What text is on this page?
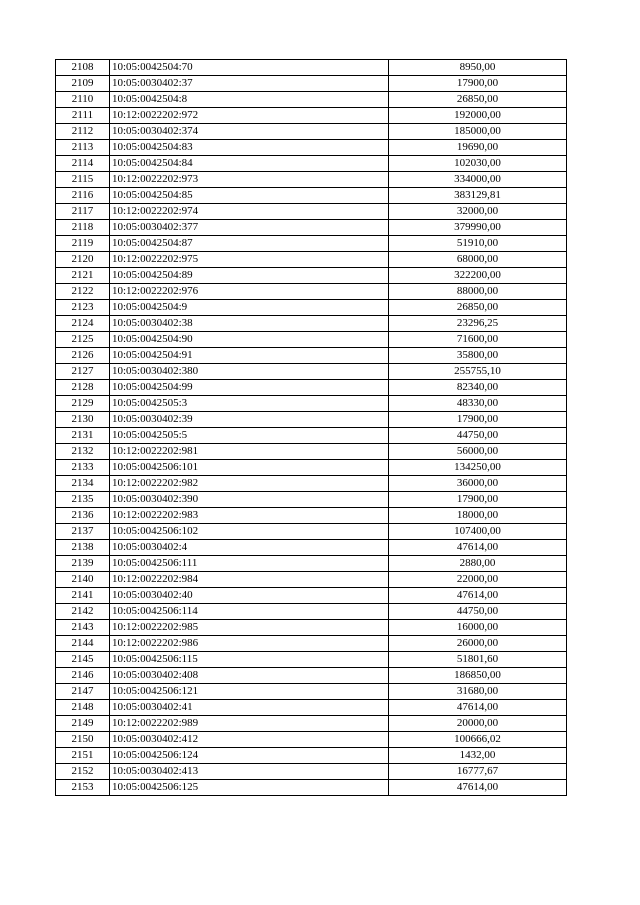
2108	10:05:0042504:70	8950,00
2109	10:05:0030402:37	17900,00
2110	10:05:0042504:8	26850,00
2111	10:12:0022202:972	192000,00
2112	10:05:0030402:374	185000,00
2113	10:05:0042504:83	19690,00
2114	10:05:0042504:84	102030,00
2115	10:12:0022202:973	334000,00
2116	10:05:0042504:85	383129,81
2117	10:12:0022202:974	32000,00
2118	10:05:0030402:377	379990,00
2119	10:05:0042504:87	51910,00
2120	10:12:0022202:975	68000,00
2121	10:05:0042504:89	322200,00
2122	10:12:0022202:976	88000,00
2123	10:05:0042504:9	26850,00
2124	10:05:0030402:38	23296,25
2125	10:05:0042504:90	71600,00
2126	10:05:0042504:91	35800,00
2127	10:05:0030402:380	255755,10
2128	10:05:0042504:99	82340,00
2129	10:05:0042505:3	48330,00
2130	10:05:0030402:39	17900,00
2131	10:05:0042505:5	44750,00
2132	10:12:0022202:981	56000,00
2133	10:05:0042506:101	134250,00
2134	10:12:0022202:982	36000,00
2135	10:05:0030402:390	17900,00
2136	10:12:0022202:983	18000,00
2137	10:05:0042506:102	107400,00
2138	10:05:0030402:4	47614,00
2139	10:05:0042506:111	2880,00
2140	10:12:0022202:984	22000,00
2141	10:05:0030402:40	47614,00
2142	10:05:0042506:114	44750,00
2143	10:12:0022202:985	16000,00
2144	10:12:0022202:986	26000,00
2145	10:05:0042506:115	51801,60
2146	10:05:0030402:408	186850,00
2147	10:05:0042506:121	31680,00
2148	10:05:0030402:41	47614,00
2149	10:12:0022202:989	20000,00
2150	10:05:0030402:412	100666,02
2151	10:05:0042506:124	1432,00
2152	10:05:0030402:413	16777,67
2153	10:05:0042506:125	47614,00
